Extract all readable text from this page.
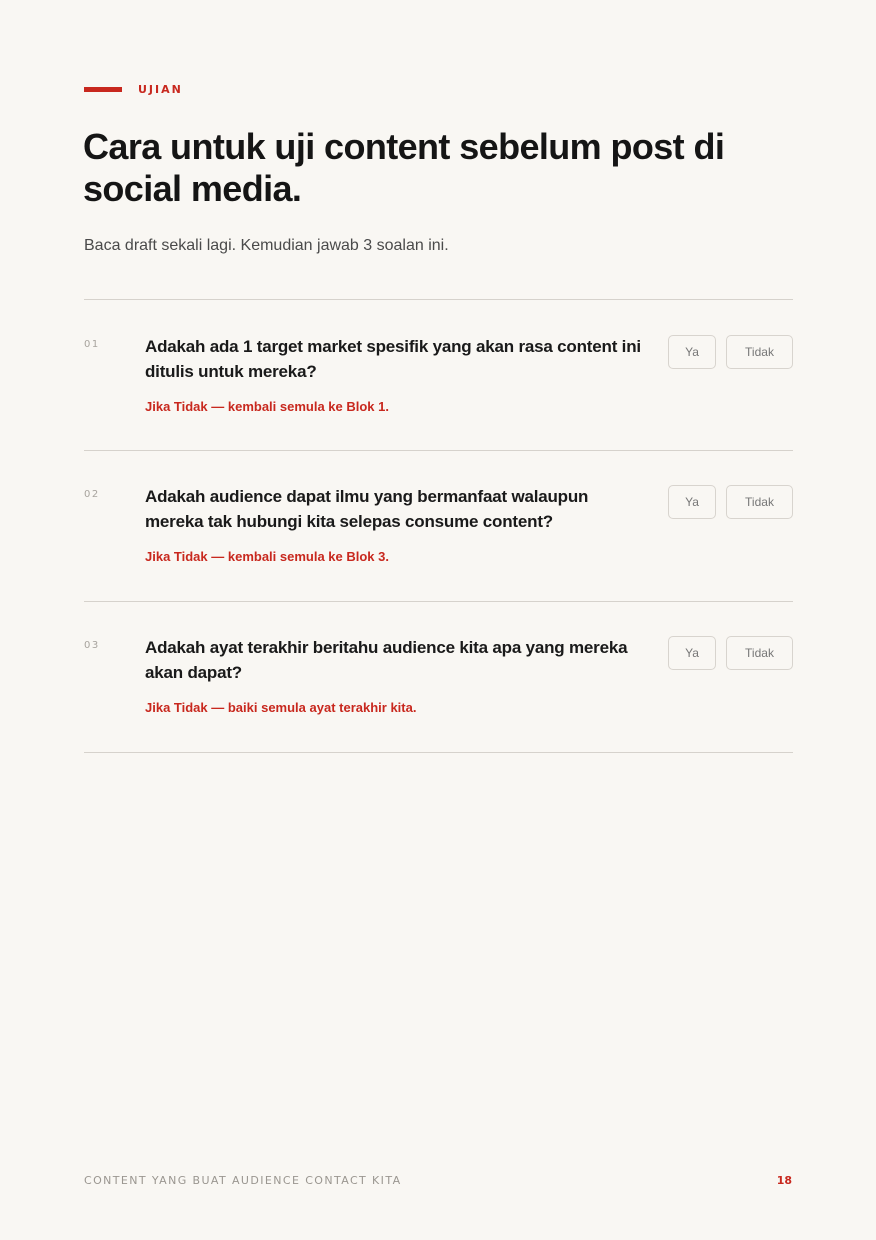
UJIAN
Cara untuk uji content sebelum post di social media.

Baca draft sekali lagi. Kemudian jawab 3 soalan ini.

01	Adakah ada 1 target market spesifik yang akan rasa content ini ditulis untuk mereka?

Jika Tidak — kembali semula ke Blok 1.

Ya	Tidak
02	Adakah audience dapat ilmu yang bermanfaat walaupun mereka tak hubungi kita selepas consume content?

Jika Tidak — kembali semula ke Blok 3.

Ya	Tidak
03	Adakah ayat terakhir beritahu audience kita apa yang mereka akan dapat?

Jika Tidak — baiki semula ayat terakhir kita.

Ya	Tidak
CONTENT YANG BUAT AUDIENCE CONTACT KITA	18
